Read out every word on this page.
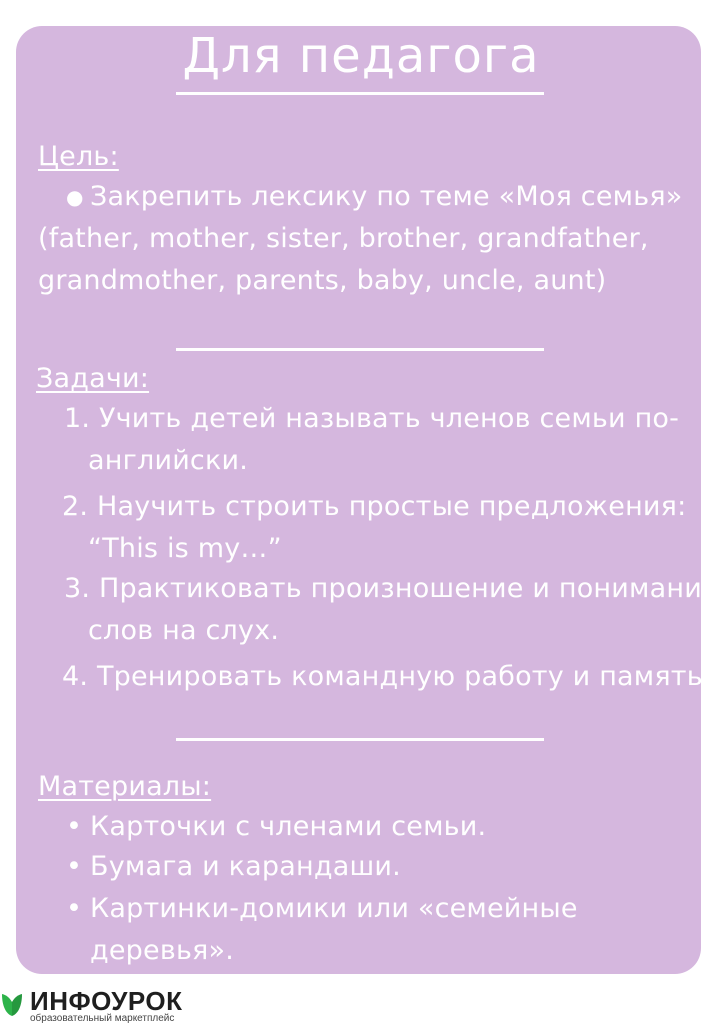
Для педагога
Цель:
● Закрепить лексику по теме «Моя семья»
(father, mother, sister, brother, grandfather,
grandmother, parents, baby, uncle, aunt)
Задачи:
1. Учить детей называть членов семьи по-
английски.
2. Научить строить простые предложения:
“This is my…”
3. Практиковать произношение и понимание
слов на слух.
4. Тренировать командную работу и память.
Материалы:
• Карточки с членами семьи.
• Бумага и карандаши.
• Картинки-домики или «семейные
деревья».
ИНФОУРОК
образовательный маркетплейс
